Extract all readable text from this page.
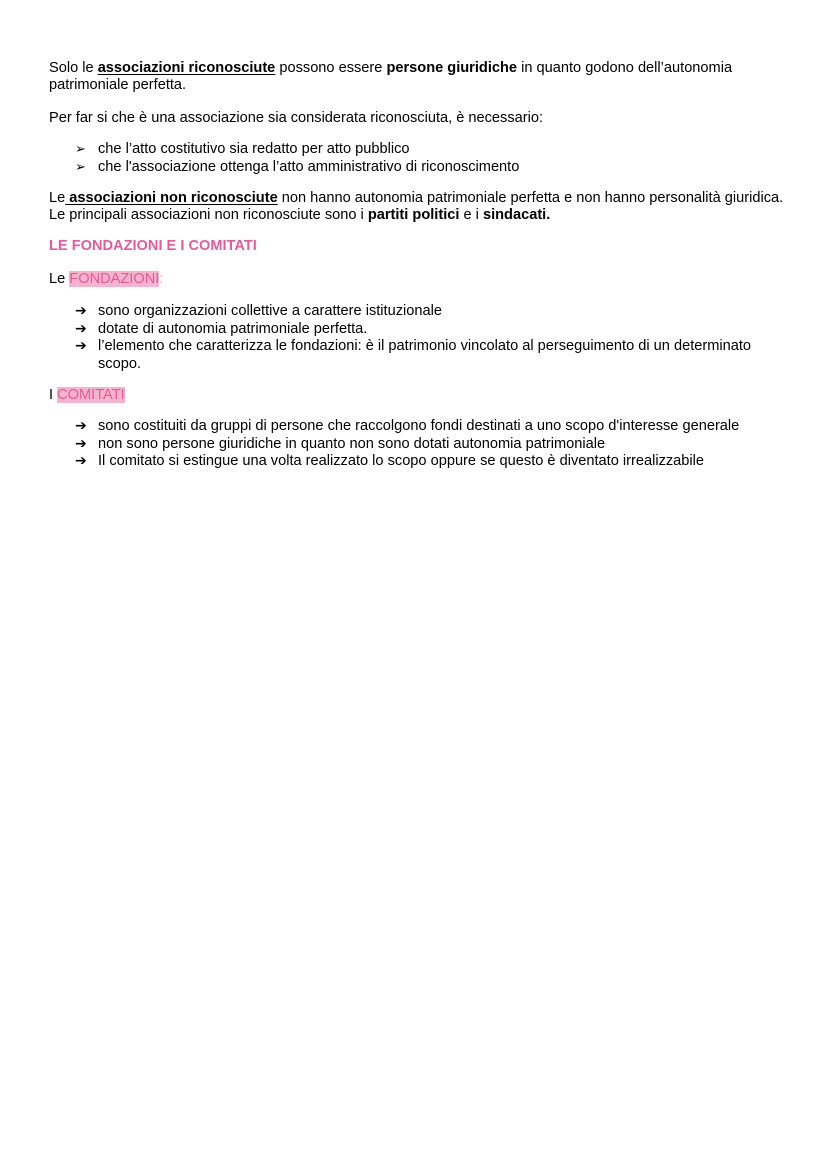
Solo le associazioni riconosciute possono essere persone giuridiche in quanto godono dell’autonomia patrimoniale perfetta.

Per far si che è una associazione sia considerata riconosciuta, è necessario:

➢ che l’atto costitutivo sia redatto per atto pubblico
➢ che l'associazione ottenga l’atto amministrativo di riconoscimento

Le associazioni non riconosciute non hanno autonomia patrimoniale perfetta e non hanno personalità giuridica. Le principali associazioni non riconosciute sono i partiti politici e i sindacati.

LE FONDAZIONI E I COMITATI

Le FONDAZIONI:

➔ sono organizzazioni collettive a carattere istituzionale
➔ dotate di autonomia patrimoniale perfetta.
➔ l’elemento che caratterizza le fondazioni: è il patrimonio vincolato al perseguimento di un determinato scopo.

I COMITATI

➔ sono costituiti da gruppi di persone che raccolgono fondi destinati a uno scopo d'interesse generale
➔ non sono persone giuridiche in quanto non sono dotati autonomia patrimoniale
➔ Il comitato si estingue una volta realizzato lo scopo oppure se questo è diventato irrealizzabile
